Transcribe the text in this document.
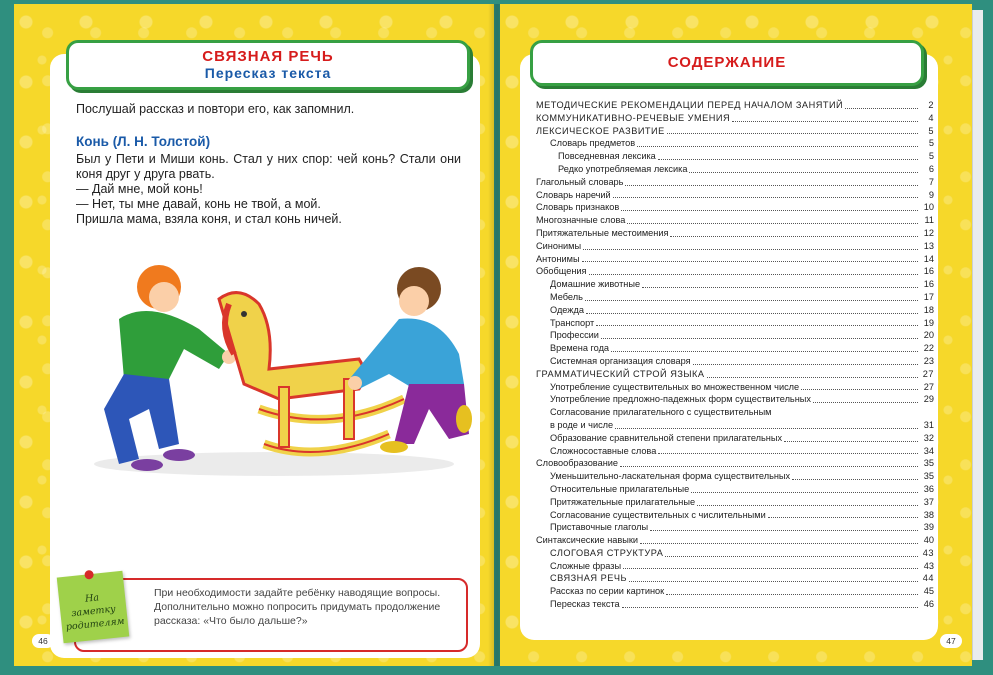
СВЯЗНАЯ РЕЧЬ
Пересказ текста
Послушай рассказ и повтори его, как запомнил.
Конь (Л. Н. Толстой)

Был у Пети и Миши конь. Стал у них спор: чей конь? Стали они коня друг у друга рвать.

— Дай мне, мой конь!

— Нет, ты мне давай, конь не твой, а мой.

Пришла мама, взяла коня, и стал конь ничей.

При необходимости задайте ребёнку наводящие вопросы. Дополнительно можно попросить придумать продолжение рассказа: «Что было дальше?»
На заметку родителям
46
СОДЕРЖАНИЕ
МЕТОДИЧЕСКИЕ РЕКОМЕНДАЦИИ ПЕРЕД НАЧАЛОМ ЗАНЯТИЙ	2
КОММУНИКАТИВНО-РЕЧЕВЫЕ УМЕНИЯ	4
ЛЕКСИЧЕСКОЕ РАЗВИТИЕ	5
Словарь предметов	5
Повседневная лексика	5
Редко употребляемая лексика	6
Глагольный словарь	7
Словарь наречий	9
Словарь признаков	10
Многозначные слова	11
Притяжательные местоимения	12
Синонимы	13
Антонимы	14
Обобщения	16
Домашние животные	16
Мебель	17
Одежда	18
Транспорт	19
Профессии	20
Времена года	22
Системная организация словаря	23
ГРАММАТИЧЕСКИЙ СТРОЙ ЯЗЫКА	27
Употребление существительных во множественном числе	27
Употребление предложно-падежных форм существительных	29
Согласование прилагательного с существительным
в роде и числе	31
Образование сравнительной степени прилагательных	32
Сложносоставные слова	34
Словообразование	35
Уменьшительно-ласкательная форма существительных	35
Относительные прилагательные	36
Притяжательные прилагательные	37
Согласование существительных с числительными	38
Приставочные глаголы	39
Синтаксические навыки	40
СЛОГОВАЯ СТРУКТУРА	43
Сложные фразы	43
СВЯЗНАЯ РЕЧЬ	44
Рассказ по серии картинок	45
Пересказ текста	46
47
